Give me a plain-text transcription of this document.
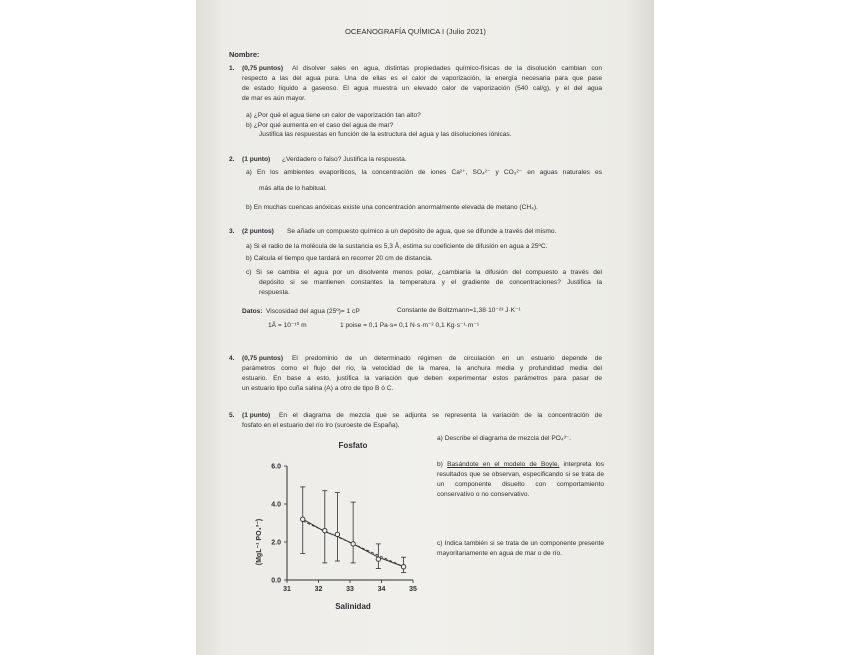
OCEANOGRAFÍA QUÍMICA I (Julio 2021)
Nombre:
1. (0,75 puntos) Al disolver sales en agua, distintas propiedades químico-físicas de la disolución cambian con
respecto a las del agua pura. Una de ellas es el calor de vaporización, la energía necesaria para que pase
de estado líquido a gaseoso. El agua muestra un elevado calor de vaporización (540 cal/g), y el del agua
de mar es aún mayor.
a) ¿Por qué el agua tiene un calor de vaporización tan alto?
b) ¿Por qué aumenta en el caso del agua de mar?
Justifica las respuestas en función de la estructura del agua y las disoluciones iónicas.
2. (1 punto) ¿Verdadero o falso? Justifica la respuesta.
a) En los ambientes evaporíticos, la concentración de iones Ca²⁺, SO₄²⁻ y CO₃²⁻ en aguas naturales es
más alta de lo habitual.
b) En muchas cuencas anóxicas existe una concentración anormalmente elevada de metano (CH₄).
3. (2 puntos) Se añade un compuesto químico a un depósito de agua, que se difunde a través del mismo.
a) Si el radio de la molécula de la sustancia es 5,3 Å, estima su coeficiente de difusión en agua a 25ºC.
b) Calcula el tiempo que tardará en recorrer 20 cm de distancia.
c) Si se cambia el agua por un disolvente menos polar, ¿cambiaría la difusión del compuesto a través del
depósito si se mantienen constantes la temperatura y el gradiente de concentraciones? Justifica la
respuesta.
Datos: Viscosidad del agua (25º)= 1 cP	Constante de Boltzmann=1,38·10⁻²³ J·K⁻¹
1Å = 10⁻¹⁰ m	1 poise = 0,1 Pa·s= 0,1 N·s·m⁻² 0,1 Kg·s⁻¹·m⁻¹
4. (0,75 puntos) El predominio de un determinado régimen de circulación en un estuario depende de
parámetros como el flujo del río, la velocidad de la marea, la anchura media y profundidad media del
estuario. En base a esto, justifica la variación que deben experimentar estos parámetros para pasar de
un estuario tipo cuña salina (A) a otro de tipo B ó C.
5. (1 punto) En el diagrama de mezcla que se adjunta se representa la variación de la concentración de
fosfato en el estuario del río Iro (suroeste de España).
a) Describe el diagrama de mezcla del PO₄³⁻.
b) Basándote en el modelo de Boyle, interpreta los resultados que se observan, especificando si se trata de un componente disuelto con comportamiento conservativo o no conservativo.
c) Indica también si se trata de un componente presente mayoritariamente en agua de mar o de río.
Fosfato
Salinidad
(MgL⁻¹ PO₄³⁻)
31	32	33	34	35
0.0
2.0
4.0
6.0
